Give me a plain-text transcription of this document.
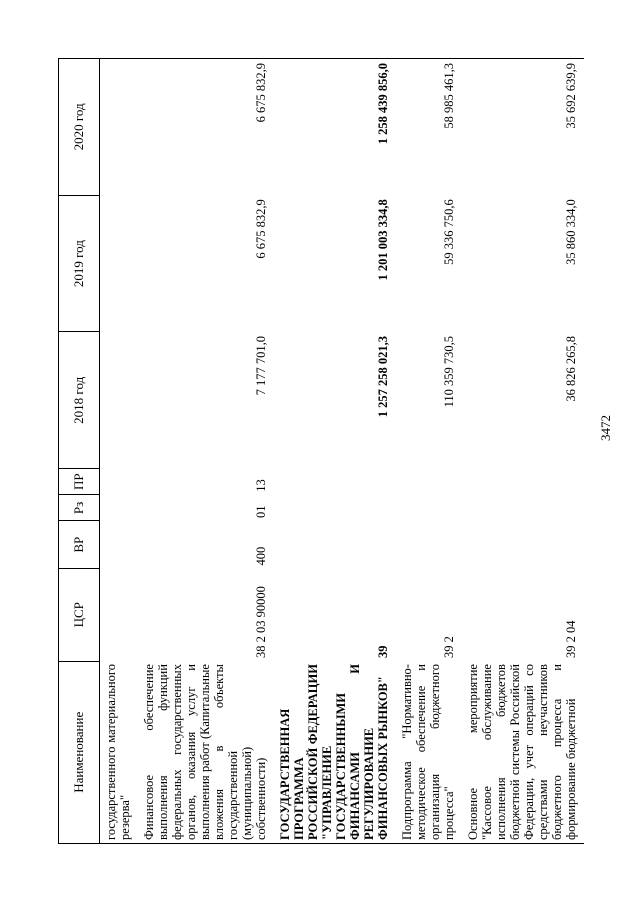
3472
Наименование	ЦСР	ВР	Рз	ПР	2018 год	2019 год	2020 год
государственного материального резерва"							
Финансовое обеспечение выполнения функций федеральных государственных органов, оказания услуг и выполнения работ (Капитальные вложения в объекты государственной (муниципальной) собственности)	38 2 03 90000	400	01	13	7 177 701,0	6 675 832,9	6 675 832,9
ГОСУДАРСТВЕННАЯ ПРОГРАММА РОССИЙСКОЙ ФЕДЕРАЦИИ "УПРАВЛЕНИЕ ГОСУДАРСТВЕННЫМИ ФИНАНСАМИ И РЕГУЛИРОВАНИЕ ФИНАНСОВЫХ РЫНКОВ"	39				1 257 258 021,3	1 201 003 334,8	1 258 439 856,0
Подпрограмма "Нормативно-методическое обеспечение и организация бюджетного процесса"	39 2				110 359 730,5	59 336 750,6	58 985 461,3
Основное мероприятие "Кассовое обслуживание исполнения бюджетов бюджетной системы Российской Федерации, учет операций со средствами неучастников бюджетного процесса и формирование бюджетной	39 2 04				36 826 265,8	35 860 334,0	35 692 639,9
